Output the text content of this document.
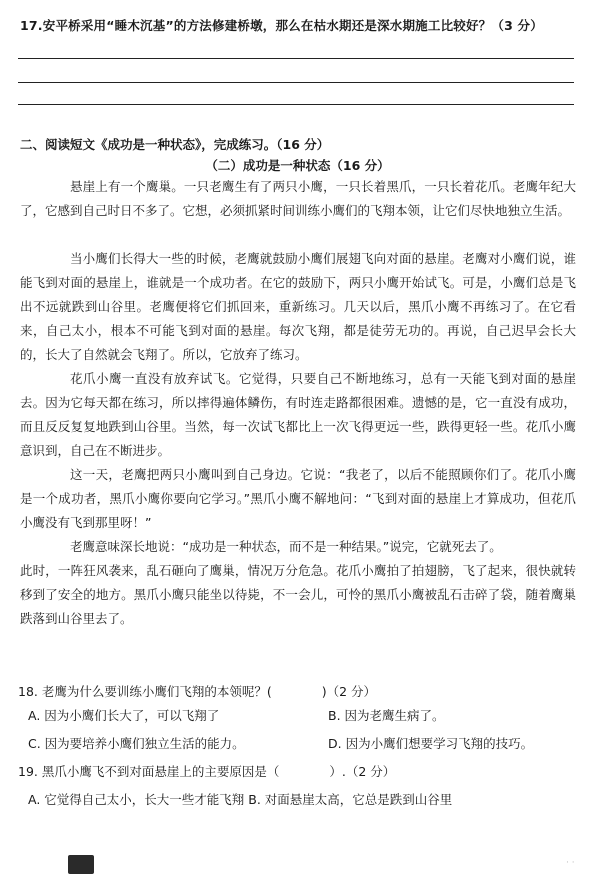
17.安平桥采用“睡木沉基”的方法修建桥墩，那么在枯水期还是深水期施工比较好？（3 分）
二、阅读短文《成功是一种状态》，完成练习。（16 分）
（二）成功是一种状态（16 分）
悬崖上有一个鹰巢。一只老鹰生有了两只小鹰，一只长着黑爪，一只长着花爪。老鹰年纪大了，它感到自己时日不多了。它想，必须抓紧时间训练小鹰们的飞翔本领，让它们尽快地独立生活。
当小鹰们长得大一些的时候，老鹰就鼓励小鹰们展翅飞向对面的悬崖。老鹰对小鹰们说，谁能飞到对面的悬崖上，谁就是一个成功者。在它的鼓励下，两只小鹰开始试飞。可是，小鹰们总是飞出不远就跌到山谷里。老鹰便将它们抓回来，重新练习。几天以后，黑爪小鹰不再练习了。在它看来，自己太小，根本不可能飞到对面的悬崖。每次飞翔，都是徒劳无功的。再说，自己迟早会长大的，长大了自然就会飞翔了。所以，它放弃了练习。
花爪小鹰一直没有放弃试飞。它觉得，只要自己不断地练习，总有一天能飞到对面的悬崖去。因为它每天都在练习，所以摔得遍体鳞伤，有时连走路都很困难。遗憾的是，它一直没有成功，而且反反复复地跌到山谷里。当然，每一次试飞都比上一次飞得更远一些，跌得更轻一些。花爪小鹰意识到，自己在不断进步。
这一天，老鹰把两只小鹰叫到自己身边。它说：“我老了，以后不能照顾你们了。花爪小鹰是一个成功者，黑爪小鹰你要向它学习。”黑爪小鹰不解地问：“飞到对面的悬崖上才算成功，但花爪小鹰没有飞到那里呀！”
老鹰意味深长地说：“成功是一种状态，而不是一种结果。”说完，它就死去了。
此时，一阵狂风袭来，乱石砸向了鹰巢，情况万分危急。花爪小鹰拍了拍翅膀，飞了起来，很快就转移到了安全的地方。黑爪小鹰只能坐以待毙，不一会儿，可怜的黑爪小鹰被乱石击碎了袋，随着鹰巢跌落到山谷里去了。
18. 老鹰为什么要训练小鹰们飞翔的本领呢？(　　　　)（2 分）
A. 因为小鹰们长大了，可以飞翔了	B. 因为老鹰生病了。
C. 因为要培养小鹰们独立生活的能力。	D. 因为小鹰们想要学习飞翔的技巧。
19. 黑爪小鹰飞不到对面悬崖上的主要原因是（　　　　）.（2 分）
A. 它觉得自己太小，长大一些才能飞翔 B. 对面悬崖太高，它总是跌到山谷里
· ·
